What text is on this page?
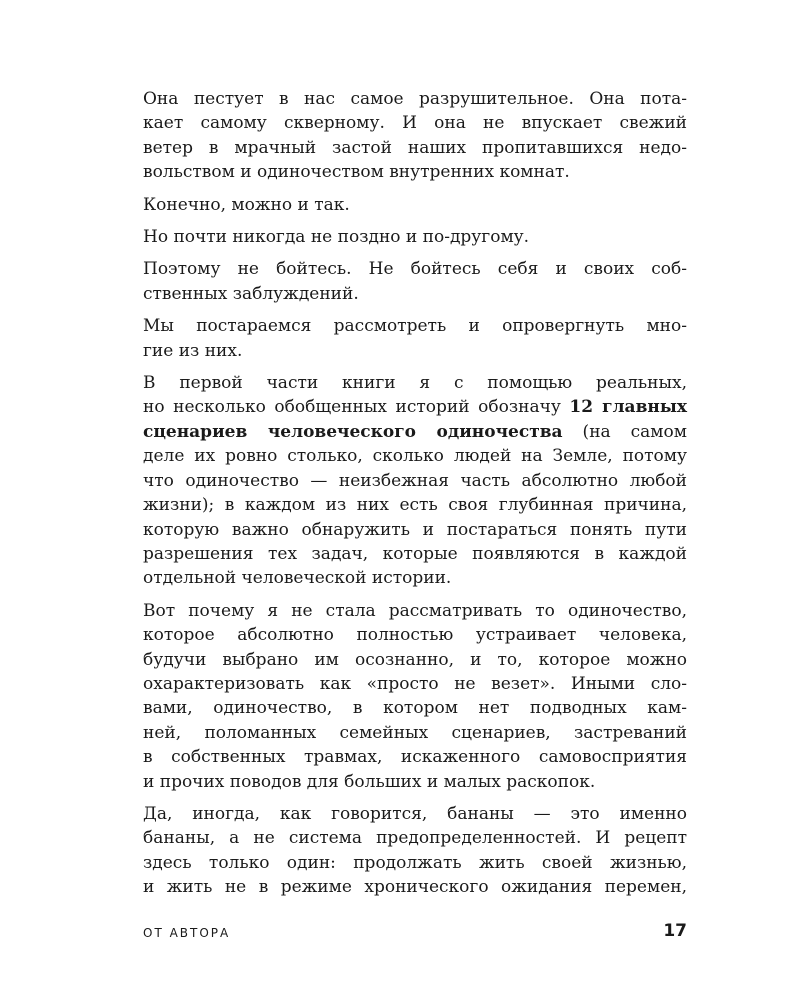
Она пестует в нас самое разрушительное. Она пота-
кает самому скверному. И она не впускает свежий
ветер в мрачный застой наших пропитавшихся недо-
вольством и одиночеством внутренних комнат.

Конечно, можно и так.

Но почти никогда не поздно и по-другому.

Поэтому не бойтесь. Не бойтесь себя и своих соб-
ственных заблуждений.

Мы постараемся рассмотреть и опровергнуть мно-
гие из них.

В первой части книги я с помощью реальных,
но несколько обобщенных историй обозначу 12 главных
сценариев человеческого одиночества (на самом
деле их ровно столько, сколько людей на Земле, потому
что одиночество — неизбежная часть абсолютно любой
жизни); в каждом из них есть своя глубинная причина,
которую важно обнаружить и постараться понять пути
разрешения тех задач, которые появляются в каждой
отдельной человеческой истории.

Вот почему я не стала рассматривать то одиночество,
которое абсолютно полностью устраивает человека,
будучи выбрано им осознанно, и то, которое можно
охарактеризовать как «просто не везет». Иными сло-
вами, одиночество, в котором нет подводных кам-
ней, поломанных семейных сценариев, застреваний
в собственных травмах, искаженного самовосприятия
и прочих поводов для больших и малых раскопок.

Да, иногда, как говорится, бананы — это именно
бананы, а не система предопределенностей. И рецепт
здесь только один: продолжать жить своей жизнью,
и жить не в режиме хронического ожидания перемен,

ОТ АВТОРА	17
